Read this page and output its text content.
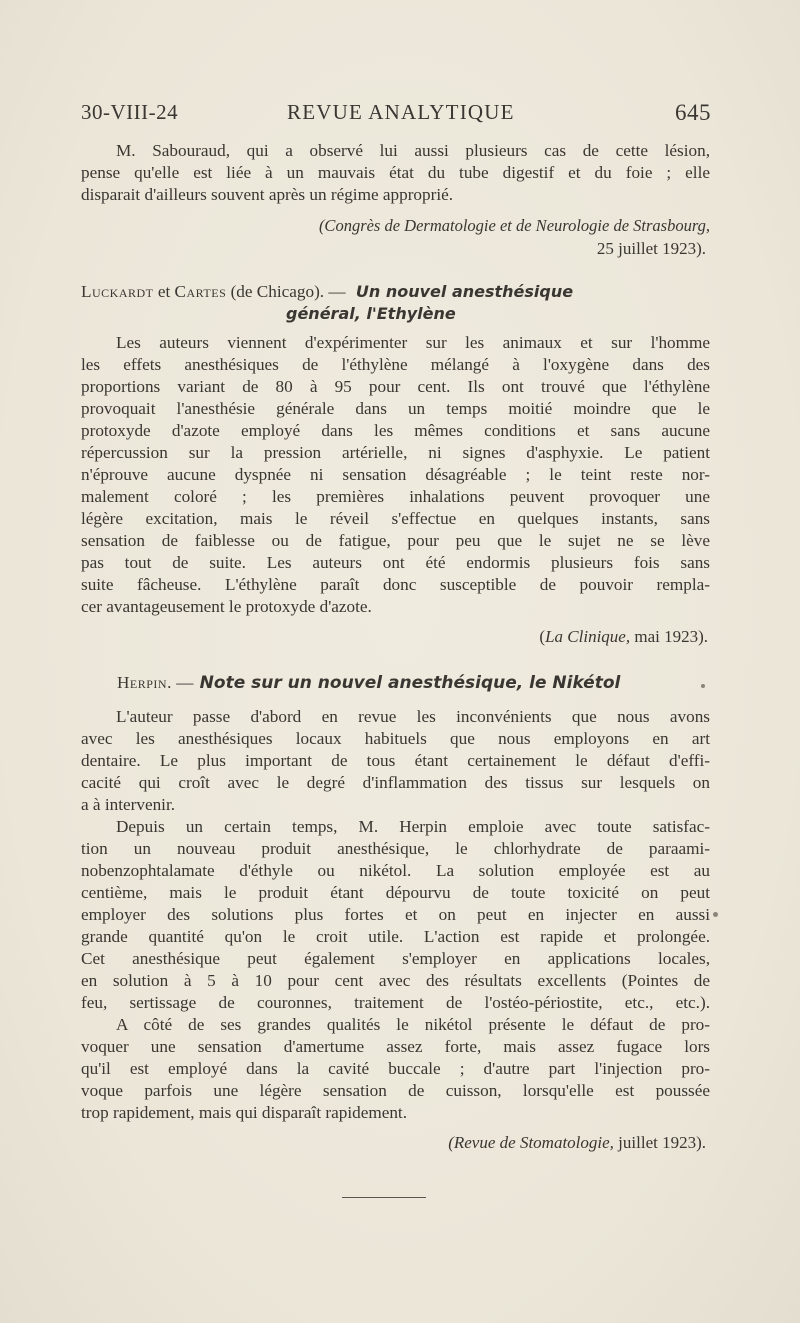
30-VIII-24	REVUE ANALYTIQUE	645
M. Sabouraud, qui a observé lui aussi plusieurs cas de cette lésion,
pense qu'elle est liée à un mauvais état du tube digestif et du foie ; elle
disparait d'ailleurs souvent après un régime approprié.
(Congrès de Dermatologie et de Neurologie de Strasbourg,
25 juillet 1923).
Luckardt et Cartes (de Chicago). — Un nouvel anesthésique
général, l'Ethylène
Les auteurs viennent d'expérimenter sur les animaux et sur l'homme
les effets anesthésiques de l'éthylène mélangé à l'oxygène dans des
proportions variant de 80 à 95 pour cent. Ils ont trouvé que l'éthylène
provoquait l'anesthésie générale dans un temps moitié moindre que le
protoxyde d'azote employé dans les mêmes conditions et sans aucune
répercussion sur la pression artérielle, ni signes d'asphyxie. Le patient
n'éprouve aucune dyspnée ni sensation désagréable ; le teint reste nor-
malement coloré ; les premières inhalations peuvent provoquer une
légère excitation, mais le réveil s'effectue en quelques instants, sans
sensation de faiblesse ou de fatigue, pour peu que le sujet ne se lève
pas tout de suite. Les auteurs ont été endormis plusieurs fois sans
suite fâcheuse. L'éthylène paraît donc susceptible de pouvoir rempla-
cer avantageusement le protoxyde d'azote.
(La Clinique, mai 1923).
Herpin. — Note sur un nouvel anesthésique, le Nikétol
L'auteur passe d'abord en revue les inconvénients que nous avons
avec les anesthésiques locaux habituels que nous employons en art
dentaire. Le plus important de tous étant certainement le défaut d'effi-
cacité qui croît avec le degré d'inflammation des tissus sur lesquels on
a à intervenir.
Depuis un certain temps, M. Herpin emploie avec toute satisfac-
tion un nouveau produit anesthésique, le chlorhydrate de paraami-
nobenzophtalamate d'éthyle ou nikétol. La solution employée est au
centième, mais le produit étant dépourvu de toute toxicité on peut
employer des solutions plus fortes et on peut en injecter en aussi
grande quantité qu'on le croit utile. L'action est rapide et prolongée.
Cet anesthésique peut également s'employer en applications locales,
en solution à 5 à 10 pour cent avec des résultats excellents (Pointes de
feu, sertissage de couronnes, traitement de l'ostéo-périostite, etc., etc.).
A côté de ses grandes qualités le nikétol présente le défaut de pro-
voquer une sensation d'amertume assez forte, mais assez fugace lors
qu'il est employé dans la cavité buccale ; d'autre part l'injection pro-
voque parfois une légère sensation de cuisson, lorsqu'elle est poussée
trop rapidement, mais qui disparaît rapidement.
(Revue de Stomatologie, juillet 1923).
